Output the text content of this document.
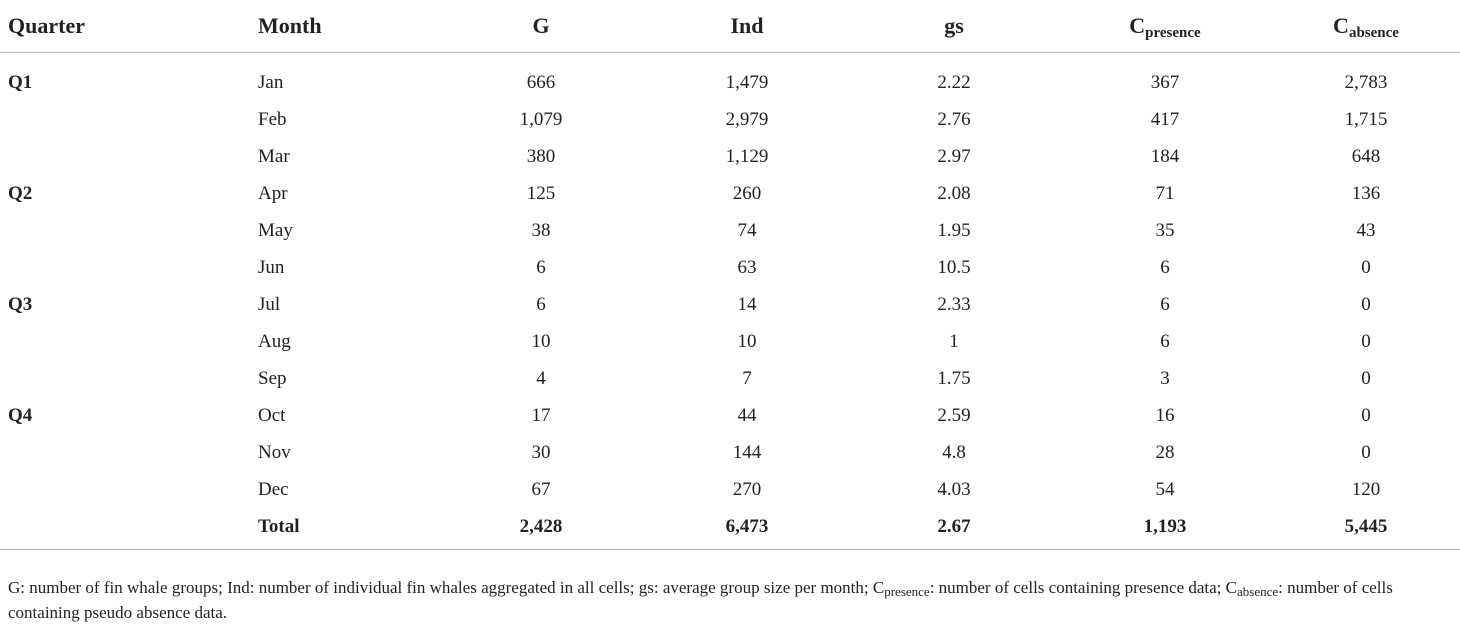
Quarter	Month	G	Ind	gs	$C_{presence}$	$C_{absence}$
Q1	Jan	666	1,479	2.22	367	2,783
	Feb	1,079	2,979	2.76	417	1,715
	Mar	380	1,129	2.97	184	648
Q2	Apr	125	260	2.08	71	136
	May	38	74	1.95	35	43
	Jun	6	63	10.5	6	0
Q3	Jul	6	14	2.33	6	0
	Aug	10	10	1	6	0
	Sep	4	7	1.75	3	0
Q4	Oct	17	44	2.59	16	0
	Nov	30	144	4.8	28	0
	Dec	67	270	4.03	54	120
	Total	2,428	6,473	2.67	1,193	5,445
G: number of fin whale groups; Ind: number of individual fin whales aggregated in all cells; gs: average group size per month; $C_{presence}$: number of cells containing presence data; $C_{absence}$: number of cells containing pseudo absence data.
